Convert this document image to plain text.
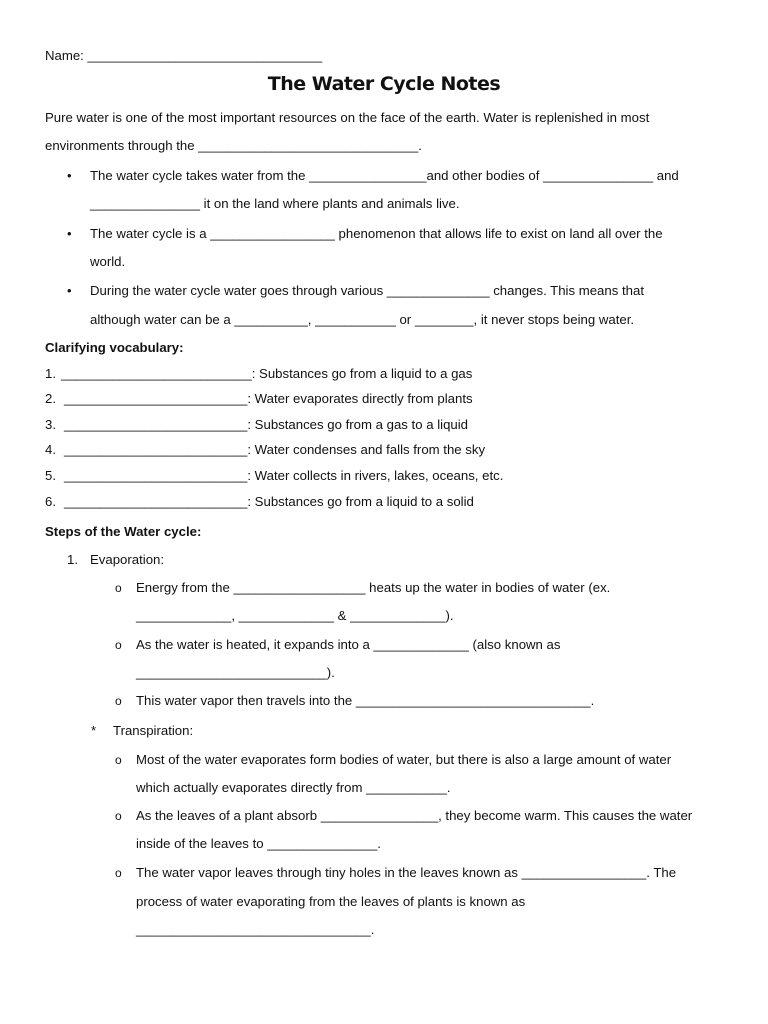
Name: ________________________________
The Water Cycle Notes
Pure water is one of the most important resources on the face of the earth. Water is replenished in most
environments through the ______________________________.
• The water cycle takes water from the ________________and other bodies of _______________ and
_______________ it on the land where plants and animals live.
• The water cycle is a _________________ phenomenon that allows life to exist on land all over the
world.
• During the water cycle water goes through various ______________ changes. This means that
although water can be a __________, ___________ or ________, it never stops being water.
Clarifying vocabulary:
1. __________________________: Substances go from a liquid to a gas
2. _________________________: Water evaporates directly from plants
3. _________________________: Substances go from a gas to a liquid
4. _________________________: Water condenses and falls from the sky
5. _________________________: Water collects in rivers, lakes, oceans, etc.
6. _________________________: Substances go from a liquid to a solid
Steps of the Water cycle:
1. Evaporation:
o Energy from the __________________ heats up the water in bodies of water (ex.
_____________, _____________ & _____________).
o As the water is heated, it expands into a _____________ (also known as
__________________________).
o This water vapor then travels into the ________________________________.
* Transpiration:
o Most of the water evaporates form bodies of water, but there is also a large amount of water
which actually evaporates directly from ___________.
o As the leaves of a plant absorb ________________, they become warm. This causes the water
inside of the leaves to _______________.
o The water vapor leaves through tiny holes in the leaves known as _________________. The
process of water evaporating from the leaves of plants is known as
________________________________.
